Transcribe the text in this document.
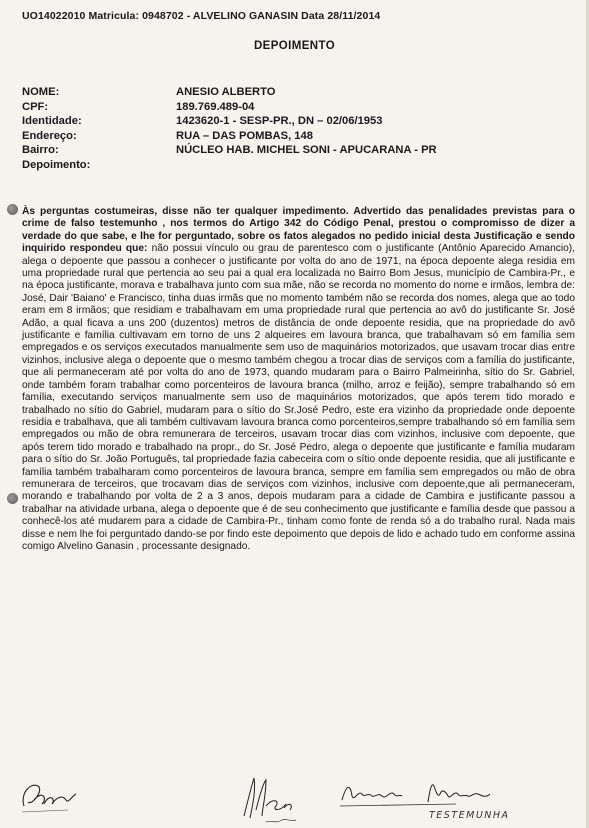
UO14022010 Matricula: 0948702 - ALVELINO GANASIN Data 28/11/2014
DEPOIMENTO
NOME:	ANESIO ALBERTO
CPF:	189.769.489-04
Identidade:	1423620-1 - SESP-PR., DN – 02/06/1953
Endereço:	RUA – DAS POMBAS, 148
Bairro:	NÚCLEO HAB. MICHEL SONI - APUCARANA - PR
Depoimento:
Às perguntas costumeiras, disse não ter qualquer impedimento. Advertido das penalidades previstas para o crime de falso testemunho , nos termos do Artigo 342 do Código Penal, prestou o compromisso de dizer a verdade do que sabe, e lhe for perguntado, sobre os fatos alegados no pedido inicial desta Justificação e sendo inquirido respondeu que: não possui vínculo ou grau de parentesco com o justificante (Antônio Aparecido Amancio), alega o depoente que passou a conhecer o justificante por volta do ano de 1971, na época depoente alega residia em uma propriedade rural que pertencia ao seu pai a qual era localizada no Bairro Bom Jesus, município de Cambira-Pr., e na época justificante, morava e trabalhava junto com sua mãe, não se recorda no momento do nome e irmãos, lembra de: José, Dair 'Baiano' e Francisco, tinha duas irmãs que no momento também não se recorda dos nomes, alega que ao todo eram em 8 irmãos; que residiam e trabalhavam em uma propriedade rural que pertencia ao avô do justificante Sr. José Adão, a qual ficava a uns 200 (duzentos) metros de distância de onde depoente residia, que na propriedade do avô justificante e família cultivavam em torno de uns 2 alqueires em lavoura branca, que trabalhavam só em família sem empregados e os serviços executados manualmente sem uso de maquinários motorizados, que usavam trocar dias entre vizinhos, inclusive alega o depoente que o mesmo também chegou a trocar dias de serviços com a família do justificante, que ali permaneceram até por volta do ano de 1973, quando mudaram para o Bairro Palmeirinha, sítio do Sr. Gabriel, onde também foram trabalhar como porcenteiros de lavoura branca (milho, arroz e feijão), sempre trabalhando só em família, executando serviços manualmente sem uso de maquinários motorizados, que após terem tido morado e trabalhado no sítio do Gabriel, mudaram para o sítio do Sr.José Pedro, este era vizinho da propriedade onde depoente residia e trabalhava, que ali também cultivavam lavoura branca como porcenteiros,sempre trabalhando só em família sem empregados ou mão de obra remunerara de terceiros, usavam trocar dias com vizinhos, inclusive com depoente, que após terem tido morado e trabalhado na propr., do Sr. José Pedro, alega o depoente que justificante e família mudaram para o sítio do Sr. João Português, tal propriedade fazia cabeceira com o sítio onde depoente residia, que ali justificante e família também trabalharam como porcenteiros de lavoura branca, sempre em família sem empregados ou mão de obra remunerara de terceiros, que trocavam dias de serviços com vizinhos, inclusive com depoente,que ali permaneceram, morando e trabalhando por volta de 2 a 3 anos, depois mudaram para a cidade de Cambira e justificante passou a trabalhar na atividade urbana, alega o depoente que é de seu conhecimento que justificante e família desde que passou a conhecê-los até mudarem para a cidade de Cambira-Pr., tinham como fonte de renda só a do trabalho rural. Nada mais disse e nem lhe foi perguntado dando-se por findo este depoimento que depois de lido e achado tudo em conforme assina comigo Alvelino Ganasin , processante designado.
TESTEMUNHA
